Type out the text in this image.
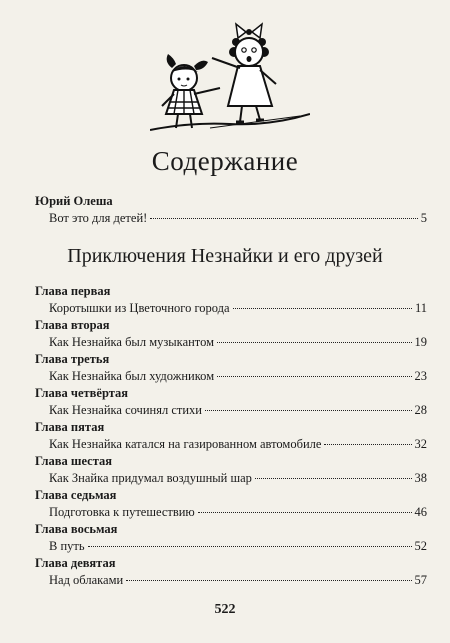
Содержание
Юрий Олеша
Вот это для детей!	5
Приключения Незнайки и его друзей
Глава первая
Коротышки из Цветочного города	11
Глава вторая
Как Незнайка был музыкантом	19
Глава третья
Как Незнайка был художником	23
Глава четвёртая
Как Незнайка сочинял стихи	28
Глава пятая
Как Незнайка катался на газированном автомобиле	32
Глава шестая
Как Знайка придумал воздушный шар	38
Глава седьмая
Подготовка к путешествию	46
Глава восьмая
В путь	52
Глава девятая
Над облаками	57
522
